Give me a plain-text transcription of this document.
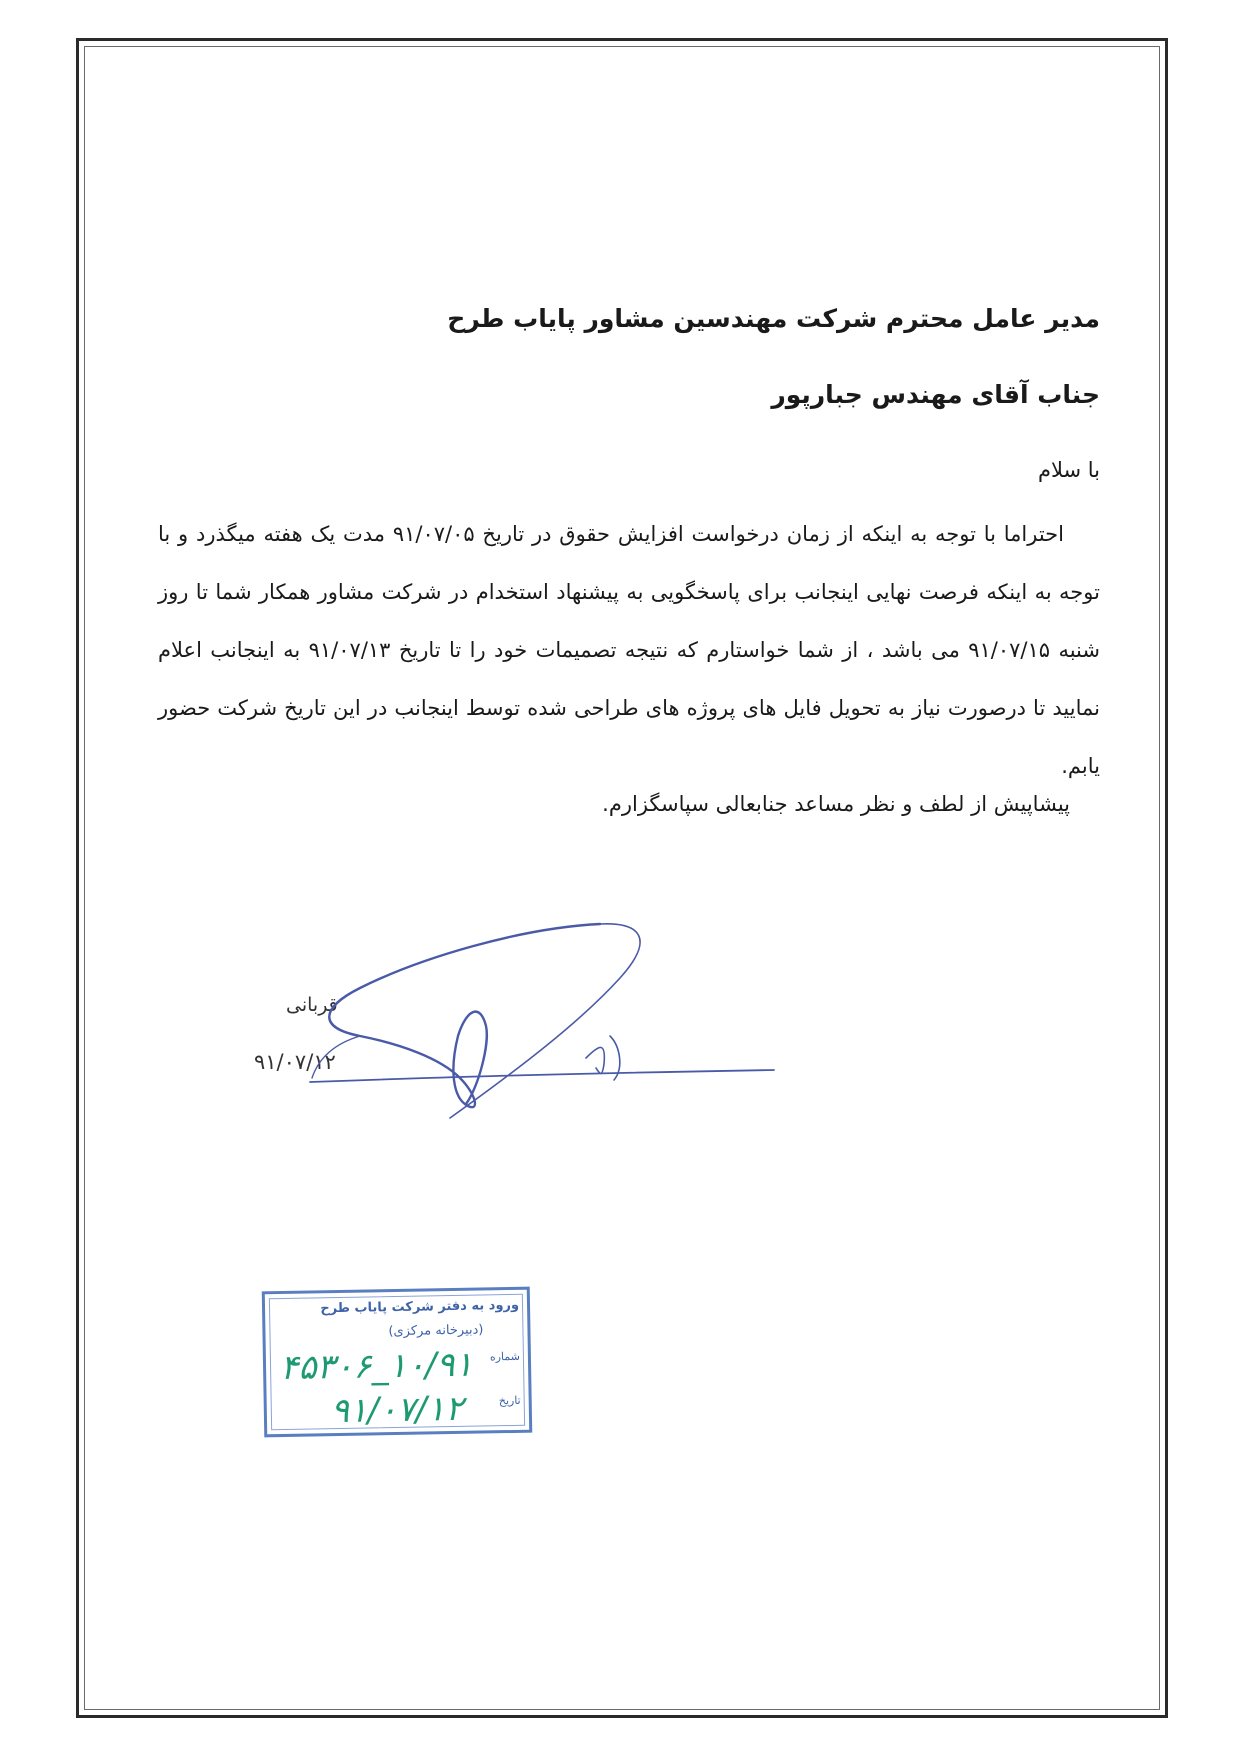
مدیر عامل محترم شرکت مهندسین مشاور پایاب طرح
جناب آقای مهندس جبارپور
با سلام

احتراما با توجه به اینکه از زمان درخواست افزایش حقوق در تاریخ ۹۱/۰۷/۰۵ مدت یک هفته میگذرد و با توجه به اینکه فرصت نهایی اینجانب برای پاسخگویی به پیشنهاد استخدام در شرکت مشاور همکار شما تا روز شنبه ۹۱/۰۷/۱۵ می باشد ، از شما خواستارم که نتیجه تصمیمات خود را تا تاریخ ۹۱/۰۷/۱۳ به اینجانب اعلام نمایید تا درصورت نیاز به تحویل فایل های پروژه های طراحی شده توسط اینجانب در این تاریخ شرکت حضور یابم.

پیشاپیش از لطف و نظر مساعد جنابعالی سپاسگزارم.
قربانی
۹۱/۰۷/۱۲
ورود به دفتر شرکت پایاب طرح
(دبیرخانه مرکزی)
شماره
تاریخ
۱۰/۹۱_۴۵۳۰۶
۹۱/۰۷/۱۲
